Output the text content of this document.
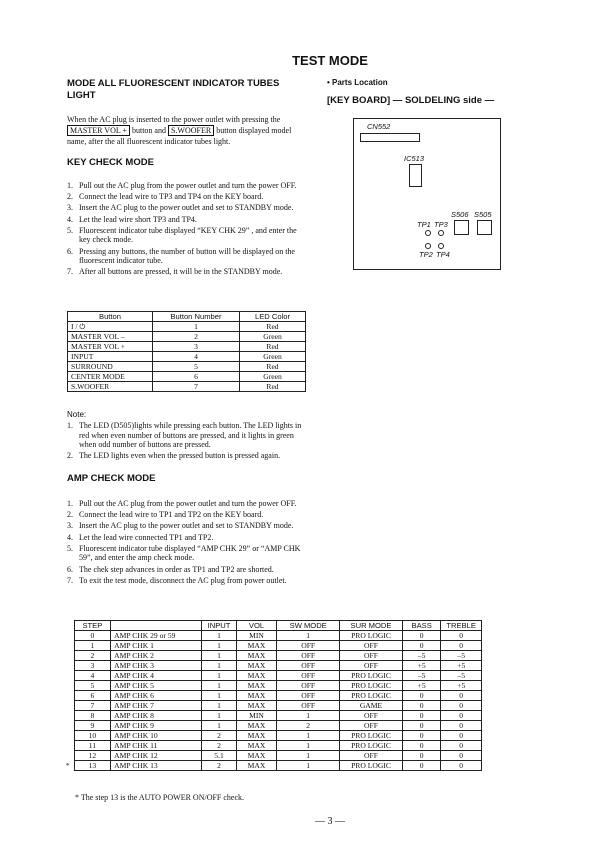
TEST MODE
MODE ALL FLUORESCENT INDICATOR TUBES LIGHT
When the AC plug is inserted to the power outlet with pressing the MASTER VOL + button and S.WOOFER button displayed model name, after the all fluorescent indicator tubes light.
KEY CHECK MODE
1. Pull out the AC plug from the power outlet and turn the power OFF.
2. Connect the lead wire to TP3 and TP4 on the KEY board.
3. Insert the AC plug to the power outlet and set to STANDBY mode.
4. Let the lead wire short TP3 and TP4.
5. Fluorescent indicator tube displayed “KEY CHK 29” , and enter the key check mode.
6. Pressing any buttons, the number of button will be displayed on the fluorescent indicator tube.
7. After all buttons are pressed, it will be in the STANDBY mode.
Button	Button Number	LED Color
I / ⏻	1	Red
MASTER VOL –	2	Green
MASTER VOL +	3	Red
INPUT	4	Green
SURROUND	5	Red
CENTER MODE	6	Green
S.WOOFER	7	Red
Note:
1. The LED (D505)lights while pressing each button. The LED lights in red when even number of buttons are pressed, and it lights in green when odd number of buttons are pressed.
2. The LED lights even when the pressed button is pressed again.
AMP CHECK MODE
1. Pull out the AC plug from the power outlet and turn the power OFF.
2. Connect the lead wire to TP1 and TP2 on the KEY board.
3. Insert the AC plug to the power outlet and set to STANDBY mode.
4. Let the lead wire connected TP1 and TP2.
5. Fluorescent indicator tube displayed “AMP CHK 29” or “AMP CHK 59”, and enter the amp check mode.
6. The chek step advances in order as TP1 and TP2 are shorted.
7. To exit the test mode, disconnect the AC plug from power outlet.
• Parts Location
[KEY BOARD] — SOLDELING side —
CN552
IC513
S506 S505
TP1 TP3
TP2 TP4
	STEP		INPUT	VOL	SW MODE	SUR MODE	BASS	TREBLE
	0	AMP CHK 29 or 59	1	MIN	1	PRO LOGIC	0	0
	1	AMP CHK 1	1	MAX	OFF	OFF	0	0
	2	AMP CHK 2	1	MAX	OFF	OFF	–5	–5
	3	AMP CHK 3	1	MAX	OFF	OFF	+5	+5
	4	AMP CHK 4	1	MAX	OFF	PRO LOGIC	–5	–5
	5	AMP CHK 5	1	MAX	OFF	PRO LOGIC	+5	+5
	6	AMP CHK 6	1	MAX	OFF	PRO LOGIC	0	0
	7	AMP CHK 7	1	MAX	OFF	GAME	0	0
	8	AMP CHK 8	1	MIN	1	OFF	0	0
	9	AMP CHK 9	1	MAX	2	OFF	0	0
	10	AMP CHK 10	2	MAX	1	PRO LOGIC	0	0
	11	AMP CHK 11	2	MAX	1	PRO LOGIC	0	0
	12	AMP CHK 12	5.1	MAX	1	OFF	0	0
*	13	AMP CHK 13	2	MAX	1	PRO LOGIC	0	0
* The step 13 is the AUTO POWER ON/OFF check.
— 3 —
